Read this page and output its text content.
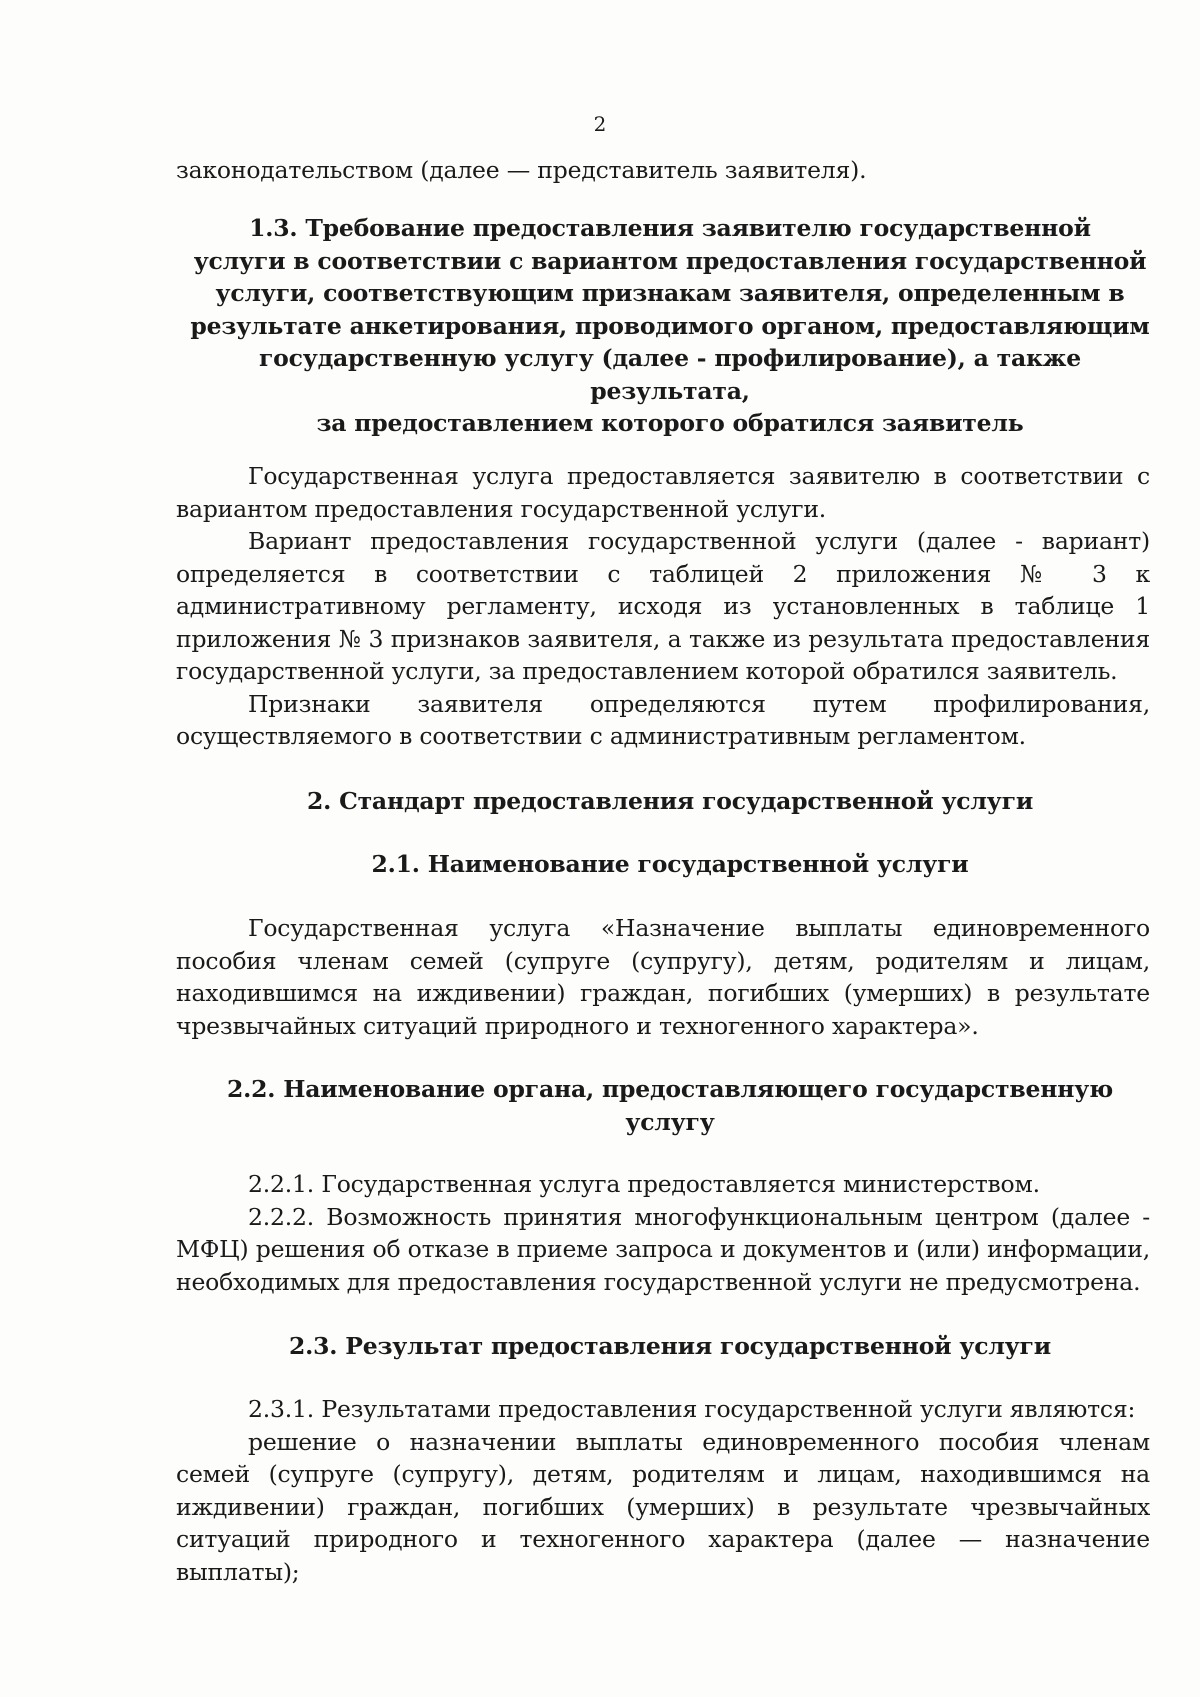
2

законодательством (далее — представитель заявителя).

1.3. Требование предоставления заявителю государственной
услуги в соответствии с вариантом предоставления государственной
услуги, соответствующим признакам заявителя, определенным в
результате анкетирования, проводимого органом, предоставляющим
государственную услугу (далее - профилирование), а также результата,
за предоставлением которого обратился заявитель

Государственная услуга предоставляется заявителю в соответствии с вариантом предоставления государственной услуги.

Вариант предоставления государственной услуги (далее - вариант) определяется в соответствии с таблицей 2 приложения № 3 к административному регламенту, исходя из установленных в таблице 1 приложения № 3 признаков заявителя, а также из результата предоставления государственной услуги, за предоставлением которой обратился заявитель.

Признаки заявителя определяются путем профилирования, осуществляемого в соответствии с административным регламентом.

2. Стандарт предоставления государственной услуги
2.1. Наименование государственной услуги

Государственная услуга «Назначение выплаты единовременного пособия членам семей (супруге (супругу), детям, родителям и лицам, находившимся на иждивении) граждан, погибших (умерших) в результате чрезвычайных ситуаций природного и техногенного характера».

2.2. Наименование органа, предоставляющего государственную
услугу

2.2.1. Государственная услуга предоставляется министерством.

2.2.2. Возможность принятия многофункциональным центром (далее - МФЦ) решения об отказе в приеме запроса и документов и (или) информации, необходимых для предоставления государственной услуги не предусмотрена.

2.3. Результат предоставления государственной услуги

2.3.1. Результатами предоставления государственной услуги являются:

решение о назначении выплаты единовременного пособия членам семей (супруге (супругу), детям, родителям и лицам, находившимся на иждивении) граждан, погибших (умерших) в результате чрезвычайных ситуаций природного и техногенного характера (далее — назначение выплаты);
